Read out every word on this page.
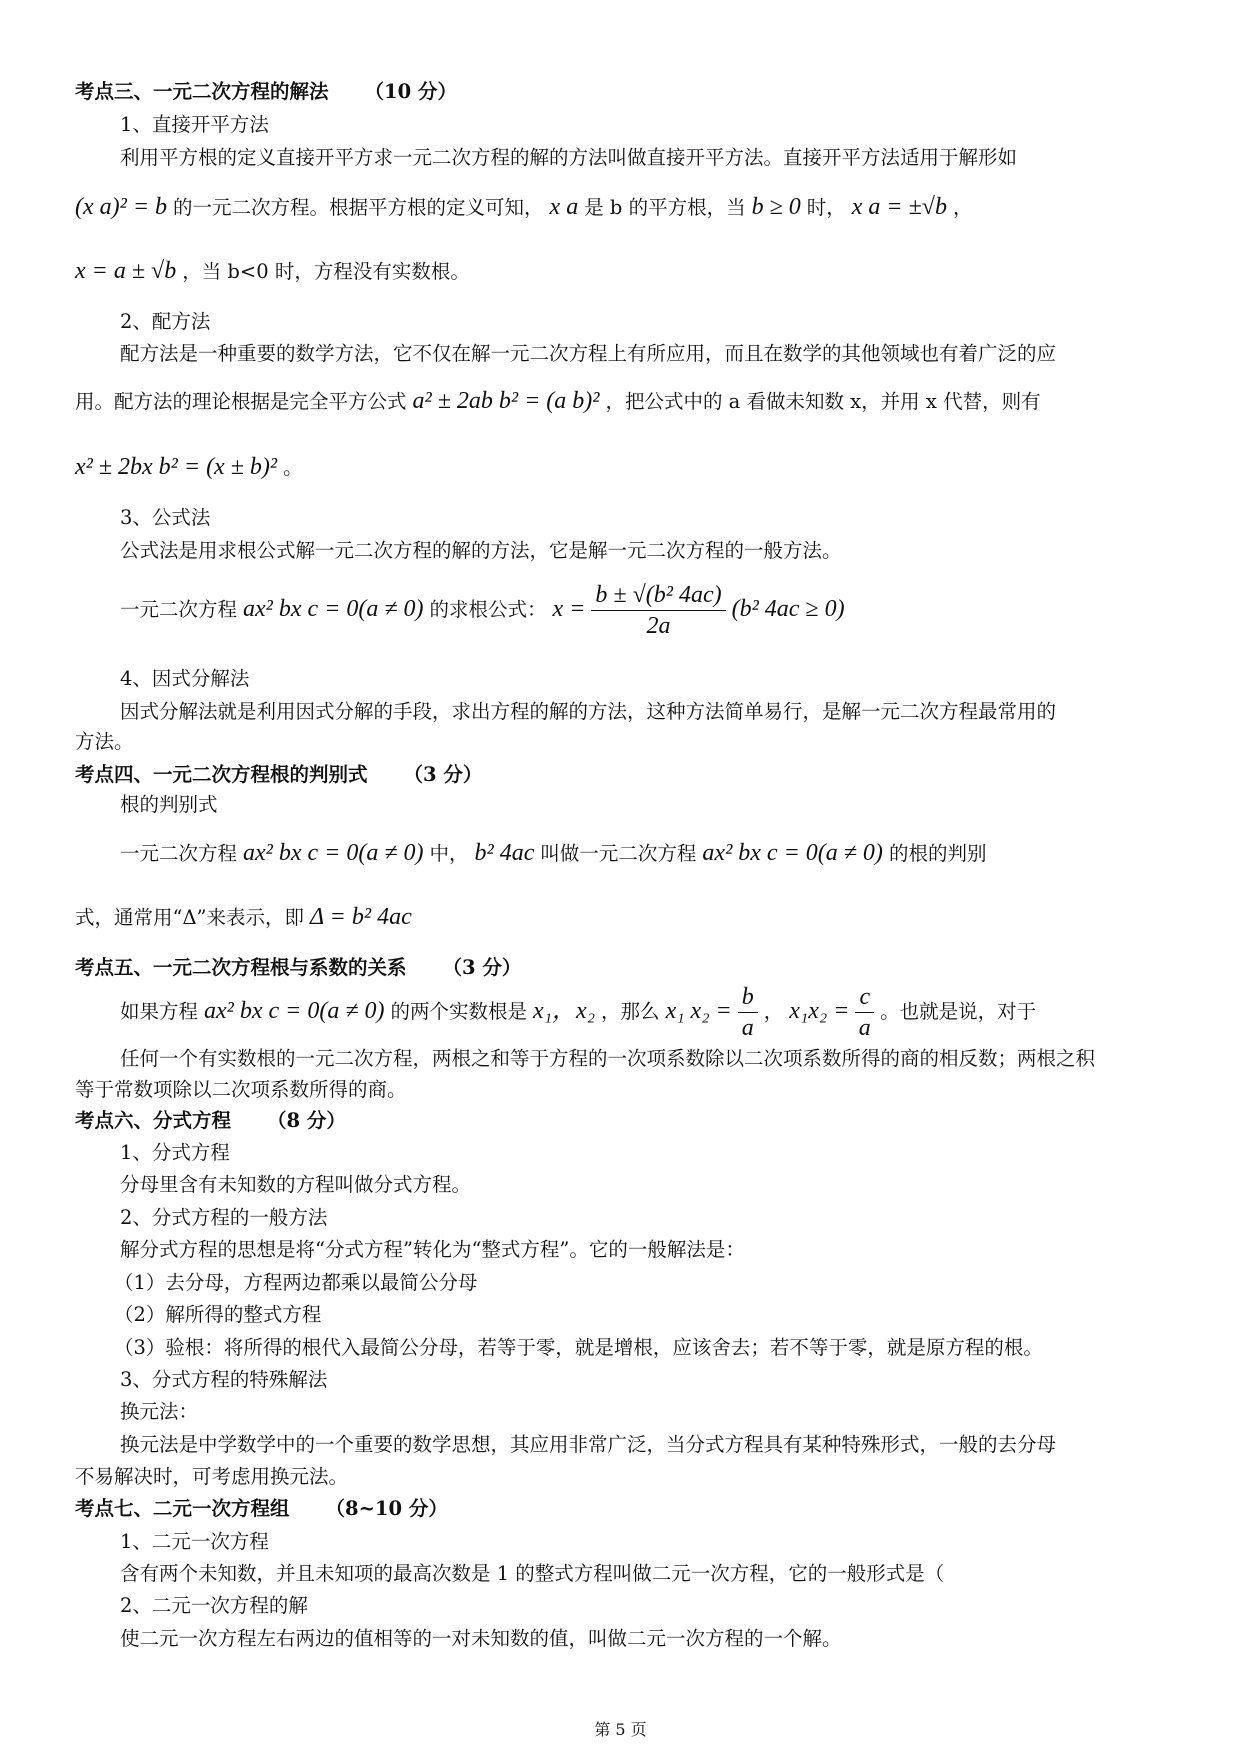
考点三、一元二次方程的解法 （10 分）
1、直接开平方法
利用平方根的定义直接开平方求一元二次方程的解的方法叫做直接开平方法。直接开平方法适用于解形如
(x a)² = b 的一元二次方程。根据平方根的定义可知， x a 是 b 的平方根，当 b ≥ 0 时， x a = ±√b ，
x = a ± √b ，当 b<0 时，方程没有实数根。
2、配方法
配方法是一种重要的数学方法，它不仅在解一元二次方程上有所应用，而且在数学的其他领域也有着广泛的应
用。配方法的理论根据是完全平方公式 a² ± 2ab b² = (a b)² ，把公式中的 a 看做未知数 x，并用 x 代替，则有
x² ± 2bx b² = (x ± b)² 。
3、公式法
公式法是用求根公式解一元二次方程的解的方法，它是解一元二次方程的一般方法。
一元二次方程 ax² bx c = 0(a ≠ 0) 的求根公式： $x = \frac{\text{b ± √(b² 4ac)}}{2a} (b^2$ 4ac ≥ 0)
4、因式分解法
因式分解法就是利用因式分解的手段，求出方程的解的方法，这种方法简单易行，是解一元二次方程最常用的
方法。
考点四、一元二次方程根的判别式 （3 分）
根的判别式
一元二次方程 ax² bx c = 0(a ≠ 0) 中， b² 4ac 叫做一元二次方程 ax² bx c = 0(a ≠ 0) 的根的判别
式，通常用“Δ”来表示，即 Δ = b² 4ac
考点五、一元二次方程根与系数的关系 （3 分）
如果方程 ax² bx c = 0(a ≠ 0) 的两个实数根是 x₁，x₂ ，那么 x₁ $x_2 = \frac{b}{a}$ ， $x_1x_2 = \frac{c}{a}$ 。也就是说，对于
任何一个有实数根的一元二次方程，两根之和等于方程的一次项系数除以二次项系数所得的商的相反数；两根之积
等于常数项除以二次项系数所得的商。
考点六、分式方程 （8 分）
1、分式方程
分母里含有未知数的方程叫做分式方程。
2、分式方程的一般方法
解分式方程的思想是将“分式方程”转化为“整式方程”。它的一般解法是：
（1）去分母，方程两边都乘以最简公分母
（2）解所得的整式方程
（3）验根：将所得的根代入最简公分母，若等于零，就是增根，应该舍去；若不等于零，就是原方程的根。
3、分式方程的特殊解法
换元法：
换元法是中学数学中的一个重要的数学思想，其应用非常广泛，当分式方程具有某种特殊形式，一般的去分母
不易解决时，可考虑用换元法。
考点七、二元一次方程组 （8~10 分）
1、二元一次方程
含有两个未知数，并且未知项的最高次数是 1 的整式方程叫做二元一次方程，它的一般形式是（
2、二元一次方程的解
使二元一次方程左右两边的值相等的一对未知数的值，叫做二元一次方程的一个解。
第 5 页
